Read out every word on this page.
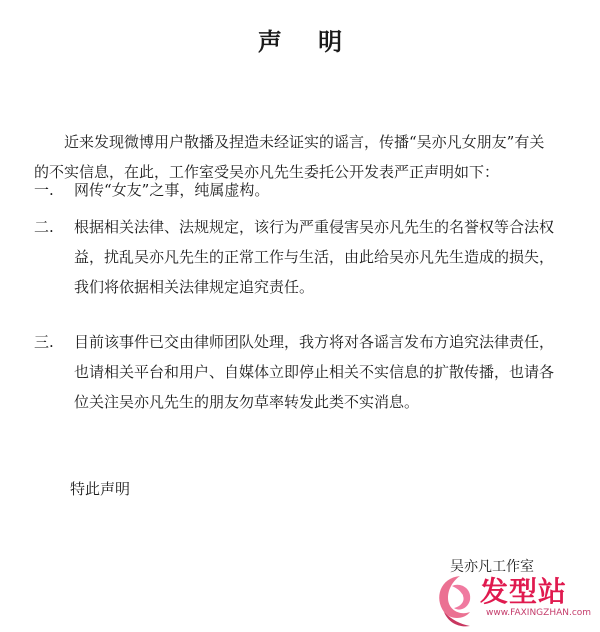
声 明

近来发现微博用户散播及捏造未经证实的谣言，传播“吴亦凡女朋友”有关的不实信息，在此，工作室受吴亦凡先生委托公开发表严正声明如下：

一.	网传“女友”之事，纯属虚构。
二.	根据相关法律、法规规定，该行为严重侵害吴亦凡先生的名誉权等合法权益，扰乱吴亦凡先生的正常工作与生活，由此给吴亦凡先生造成的损失，我们将依据相关法律规定追究责任。
三.	目前该事件已交由律师团队处理，我方将对各谣言发布方追究法律责任，也请相关平台和用户、自媒体立即停止相关不实信息的扩散传播，也请各位关注吴亦凡先生的朋友勿草率转发此类不实消息。
特此声明
吴亦凡工作室
发型站
www.FAXINGZHAN.com
